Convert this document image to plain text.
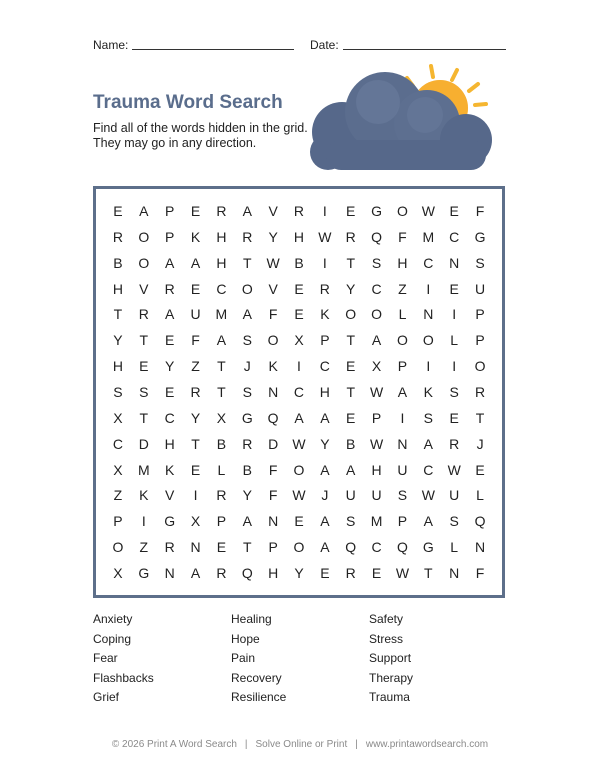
Name:	Date:
Trauma Word Search
Find all of the words hidden in the grid.
They may go in any direction.
E	A	P	E	R	A	V	R	I	E	G	O W	E	F
R	O	P	K	H	R	Y	H	W	R	Q	F	M	C	G
B	O	A	A	H	T	W	B	I	T	S	H	C	N	S
H	V	R	E	C	O	V	E	R	Y	C	Z	I	E	U
T	R	A	U	M	A	F	E	K	O	O	L	N	I	P
Y	T	E	F	A	S	O	X	P	T	A	O	O	L	P
H	E	Y	Z	T	J	K	I	C	E	X	P	I	I	O
S	S	E	R	T	S	N	C	H	T	W	A	K	S	R
X	T	C	Y	X	G	Q	A	A	E	P	I	S	E	T
C	D	H	T	B	R	D	W	Y	B	W	N	A	R	J
X	M	K	E	L	B	F	O	A	A	H	U	C	W	E
Z	K	V	I	R	Y	F	W	J	U	U	S	W	U	L
P	I	G	X	P	A	N	E	A	S	M	P	A	S	Q
O	Z	R	N	E	T	P	O	A	Q	C	Q	G	L	N
X	G	N	A	R	Q	H	Y	E	R	E	W	T	N	F
Anxiety
Coping
Fear
Flashbacks
Grief
Healing
Hope
Pain
Recovery
Resilience
Safety
Stress
Support
Therapy
Trauma
© 2026 Print A Word Search | Solve Online or Print | www.printawordsearch.com
